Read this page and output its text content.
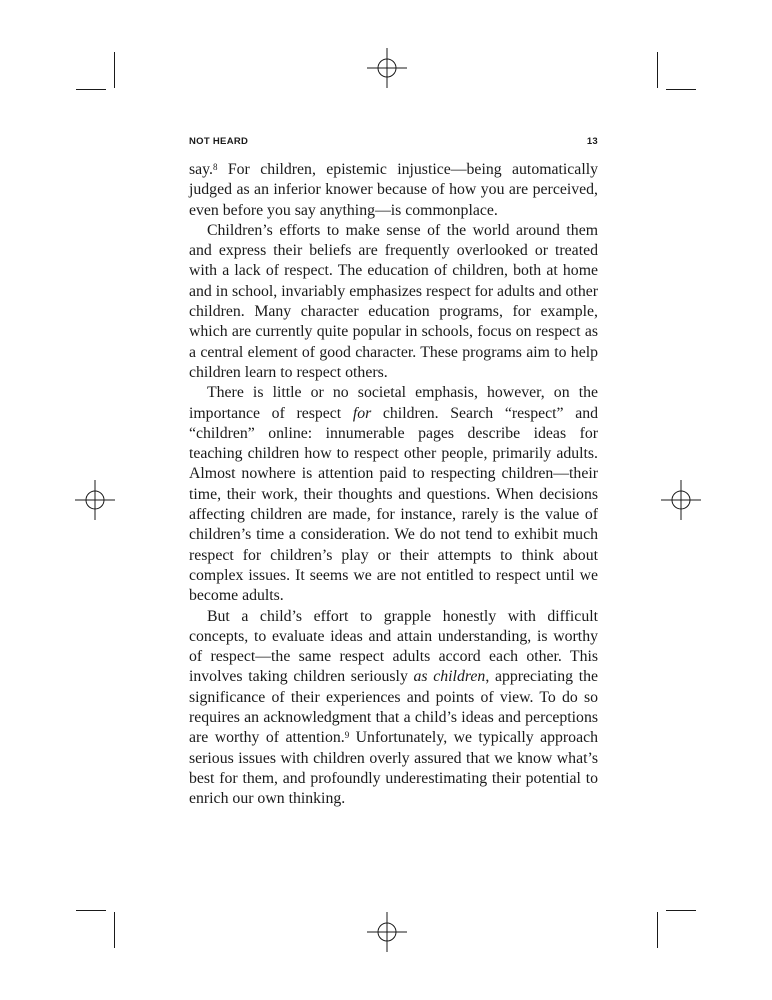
NOT HEARD	13

say.$^8$ For children, epistemic injustice—being automatically judged as an inferior knower because of how you are perceived, even before you say anything—is commonplace.

Children’s efforts to make sense of the world around them and express their beliefs are frequently overlooked or treated with a lack of respect. The education of children, both at home and in school, invariably emphasizes respect for adults and other children. Many character education programs, for example, which are currently quite popular in schools, focus on respect as a central element of good character. These programs aim to help children learn to respect others.

There is little or no societal emphasis, however, on the importance of respect for children. Search “respect” and “children” online: innumerable pages describe ideas for teaching children how to respect other people, primarily adults. Almost nowhere is attention paid to respecting children—their time, their work, their thoughts and questions. When decisions affecting children are made, for instance, rarely is the value of children’s time a consideration. We do not tend to exhibit much respect for children’s play or their attempts to think about complex issues. It seems we are not entitled to respect until we become adults.

But a child’s effort to grapple honestly with difficult concepts, to evaluate ideas and attain understanding, is worthy of respect—the same respect adults accord each other. This involves taking children seriously as children, appreciating the significance of their experiences and points of view. To do so requires an acknowledgment that a child’s ideas and perceptions are worthy of attention.$^9$ Unfortunately, we typically approach serious issues with children overly assured that we know what’s best for them, and profoundly underestimating their potential to enrich our own thinking.
